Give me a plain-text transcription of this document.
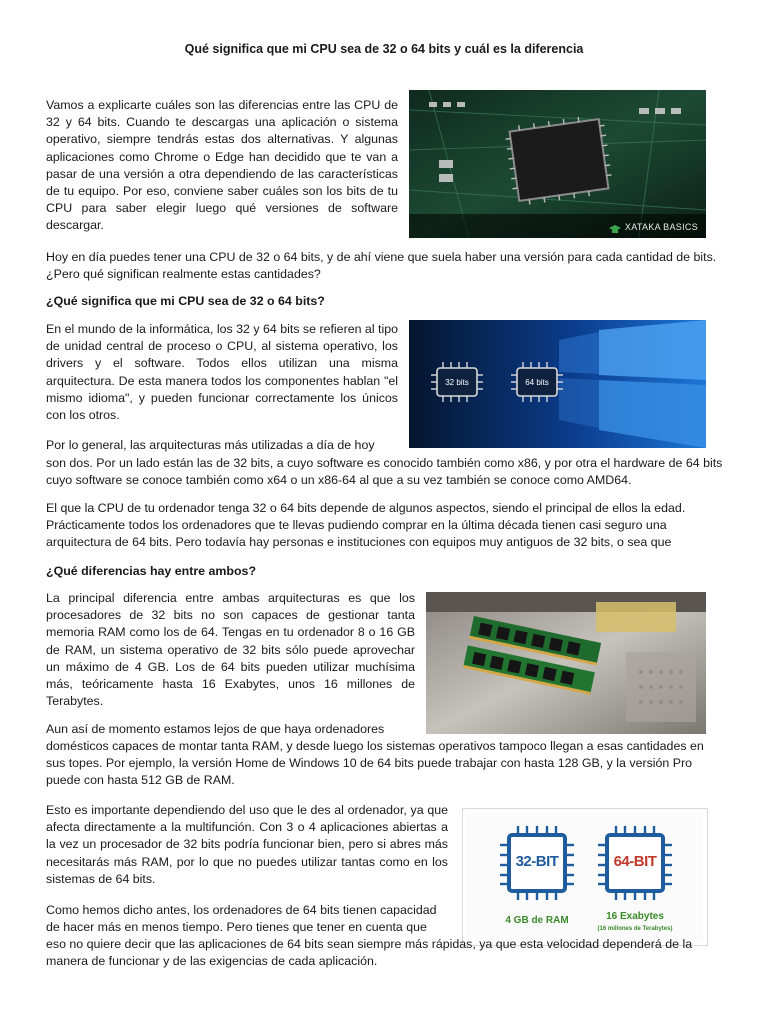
Qué significa que mi CPU sea de 32 o 64 bits y cuál es la diferencia

Vamos a explicarte cuáles son las diferencias entre las CPU de 32 y 64 bits. Cuando te descargas una aplicación o sistema operativo, siempre tendrás estas dos alternativas. Y algunas aplicaciones como Chrome o Edge han decidido que te van a pasar de una versión a otra dependiendo de las características de tu equipo. Por eso, conviene saber cuáles son los bits de tu CPU para saber elegir luego qué versiones de software descargar.	XATAKA BASICS

Hoy en día puedes tener una CPU de 32 o 64 bits, y de ahí viene que suela haber una versión para cada cantidad de bits. ¿Pero qué significan realmente estas cantidades?

¿Qué significa que mi CPU sea de 32 o 64 bits?

En el mundo de la informática, los 32 y 64 bits se refieren al tipo de unidad central de proceso o CPU, al sistema operativo, los drivers y el software. Todos ellos utilizan una misma arquitectura. De esta manera todos los componentes hablan "el mismo idioma", y pueden funcionar correctamente los únicos con los otros.

32 bits	64 bits

Por lo general, las arquitecturas más utilizadas a día de hoy

son dos. Por un lado están las de 32 bits, a cuyo software es conocido también como x86, y por otra el hardware de 64 bits cuyo software se conoce también como x64 o un x86-64 al que a su vez también se conoce como AMD64.

El que la CPU de tu ordenador tenga 32 o 64 bits depende de algunos aspectos, siendo el principal de ellos la edad. Prácticamente todos los ordenadores que te llevas pudiendo comprar en la última década tienen casi seguro una arquitectura de 64 bits. Pero todavía hay personas e instituciones con equipos muy antiguos de 32 bits, o sea que

¿Qué diferencias hay entre ambos?

La principal diferencia entre ambas arquitecturas es que los procesadores de 32 bits no son capaces de gestionar tanta memoria RAM como los de 64. Tengas en tu ordenador 8 o 16 GB de RAM, un sistema operativo de 32 bits sólo puede aprovechar un máximo de 4 GB. Los de 64 bits pueden utilizar muchísima más, teóricamente hasta 16 Exabytes, unos 16 millones de Terabytes.

Aun así de momento estamos lejos de que haya ordenadores

domésticos capaces de montar tanta RAM, y desde luego los sistemas operativos tampoco llegan a esas cantidades en sus topes. Por ejemplo, la versión Home de Windows 10 de 64 bits puede trabajar con hasta 128 GB, y la versión Pro puede con hasta 512 GB de RAM.

Esto es importante dependiendo del uso que le des al ordenador, ya que afecta directamente a la multifunción. Con 3 o 4 aplicaciones abiertas a la vez un procesador de 32 bits podría funcionar bien, pero si abres más necesitarás más RAM, por lo que no puedes utilizar tantas como en los sistemas de 64 bits.

32-BIT	64-BIT
4 GB de RAM	16 Exabytes
(16 millones de Terabytes)

Como hemos dicho antes, los ordenadores de 64 bits tienen capacidad de hacer más en menos tiempo. Pero tienes que tener en cuenta que

eso no quiere decir que las aplicaciones de 64 bits sean siempre más rápidas, ya que esta velocidad dependerá de la manera de funcionar y de las exigencias de cada aplicación.
